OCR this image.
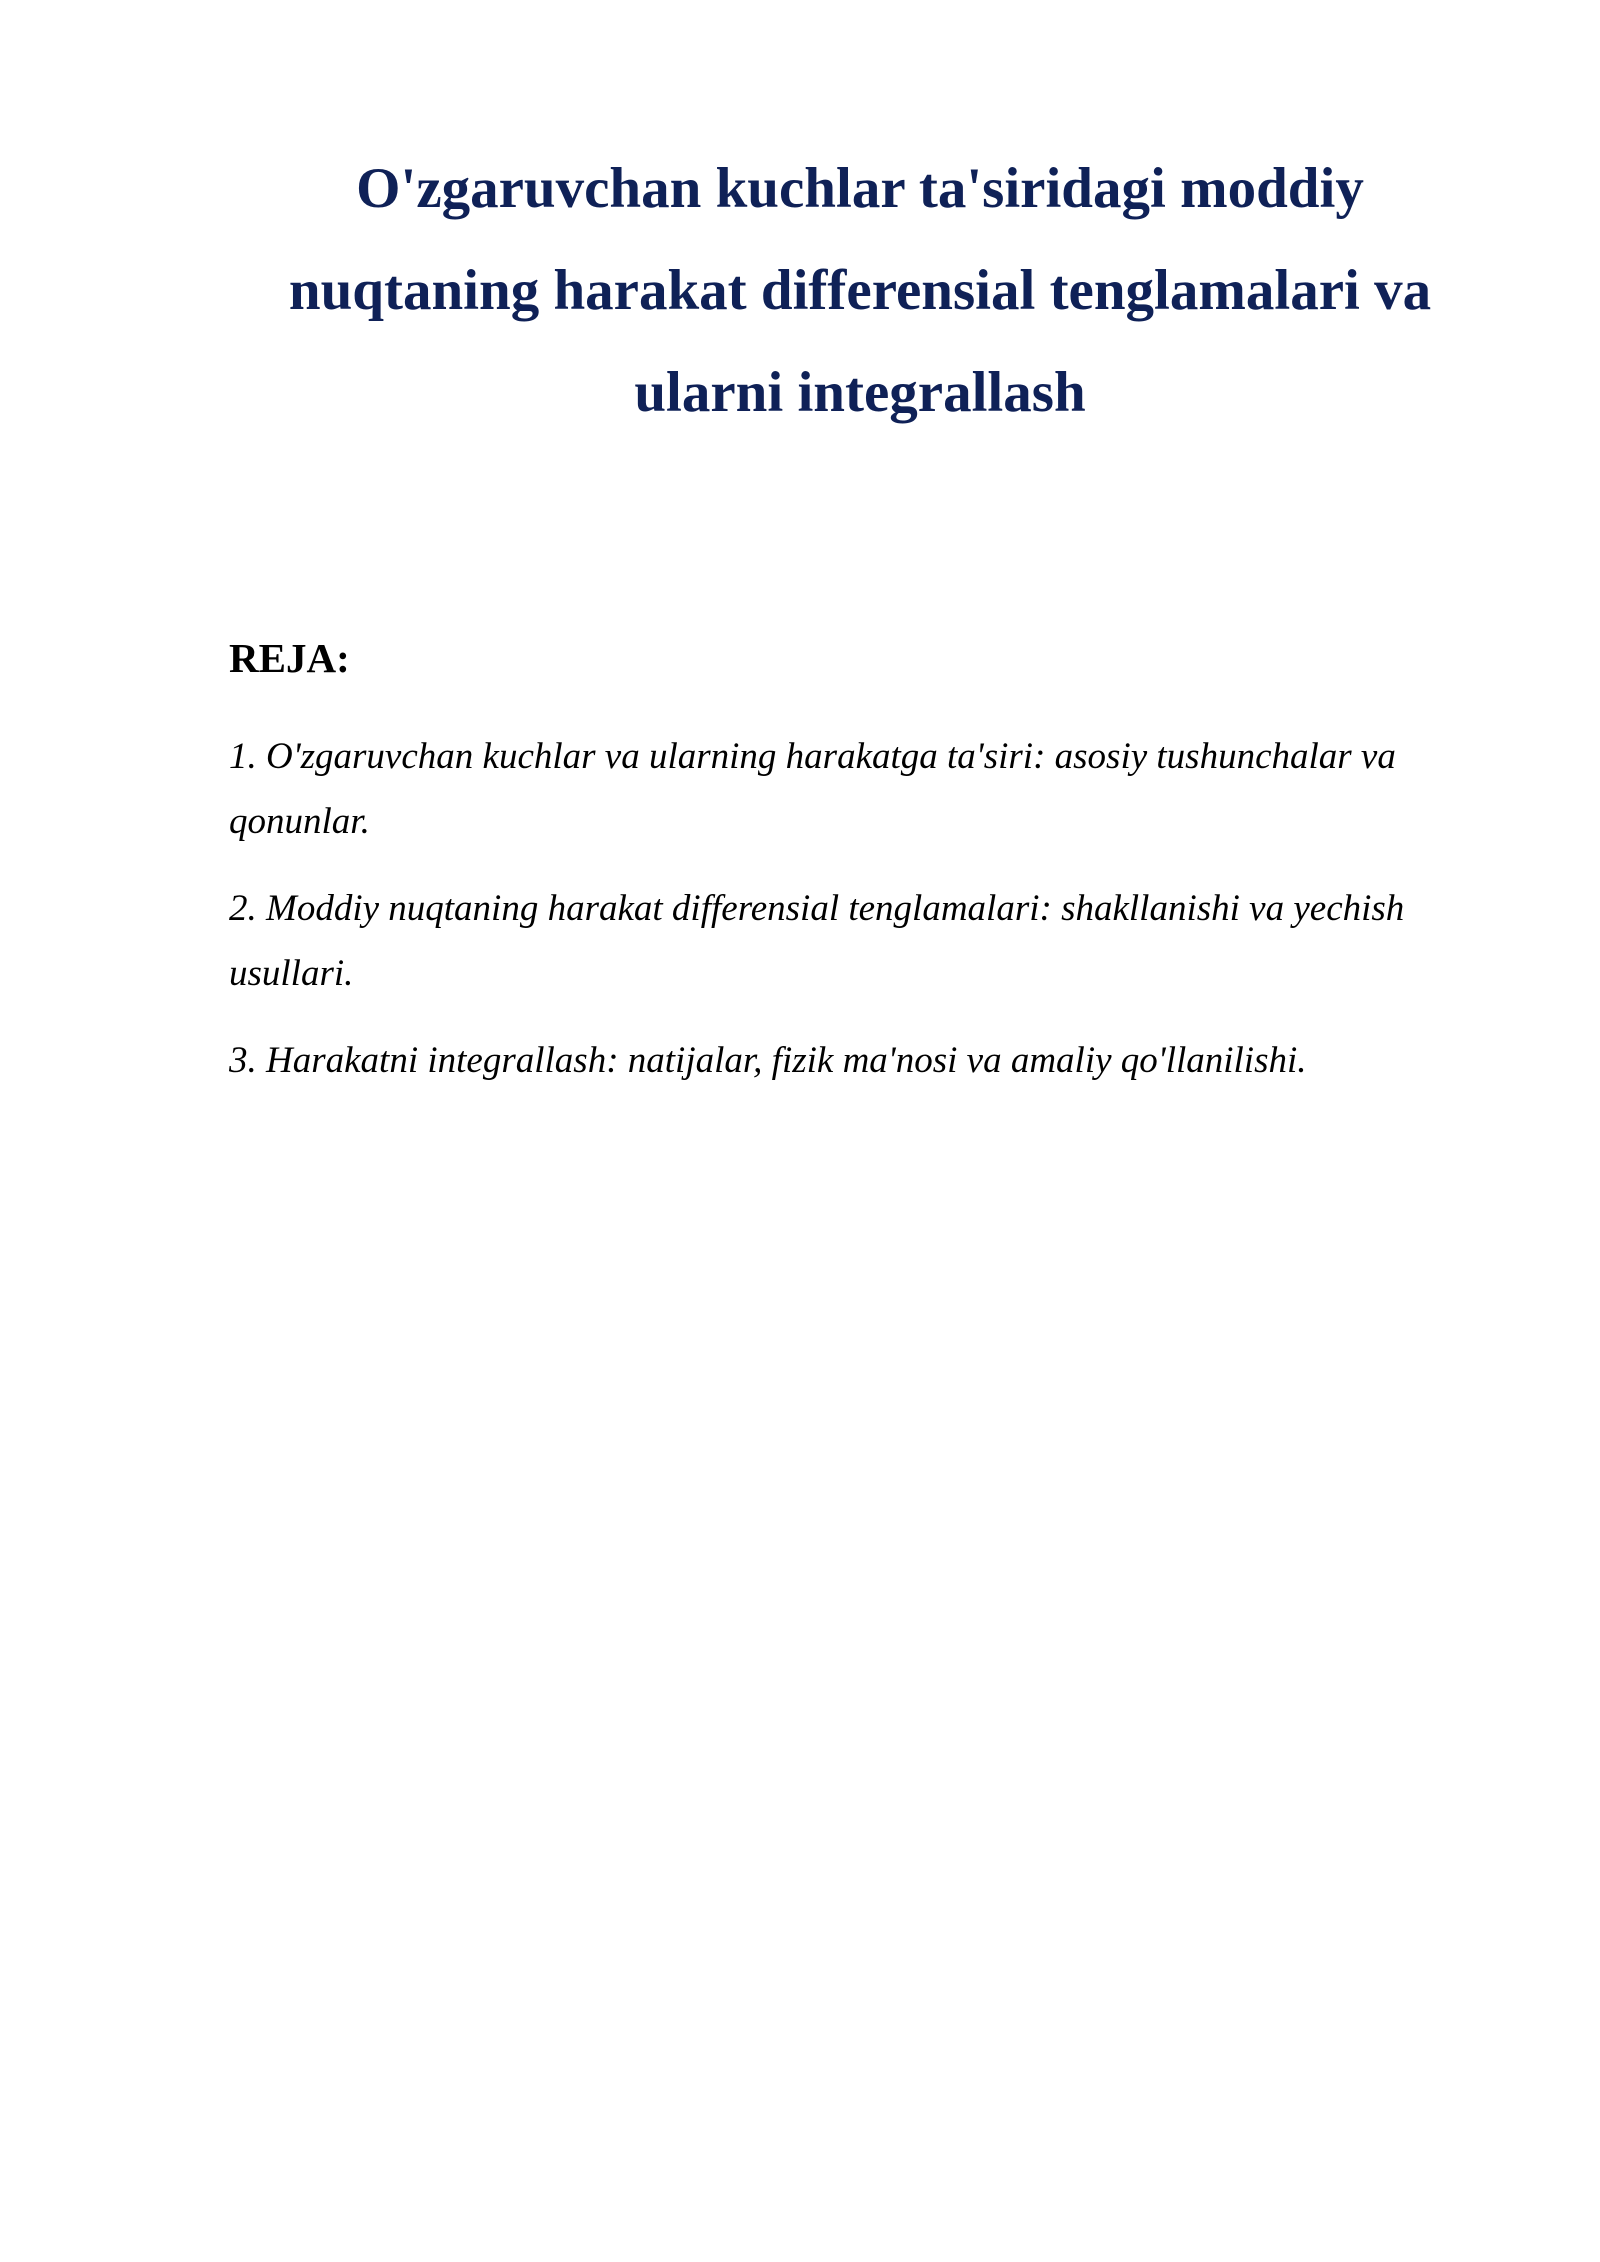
O'zgaruvchan kuchlar ta'siridagi moddiy nuqtaning harakat differensial tenglamalari va ularni integrallash
REJA:
1. O'zgaruvchan kuchlar va ularning harakatga ta'siri: asosiy tushunchalar va qonunlar.
2. Moddiy nuqtaning harakat differensial tenglamalari: shakllanishi va yechish usullari.
3. Harakatni integrallash: natijalar, fizik ma'nosi va amaliy qo'llanilishi.
